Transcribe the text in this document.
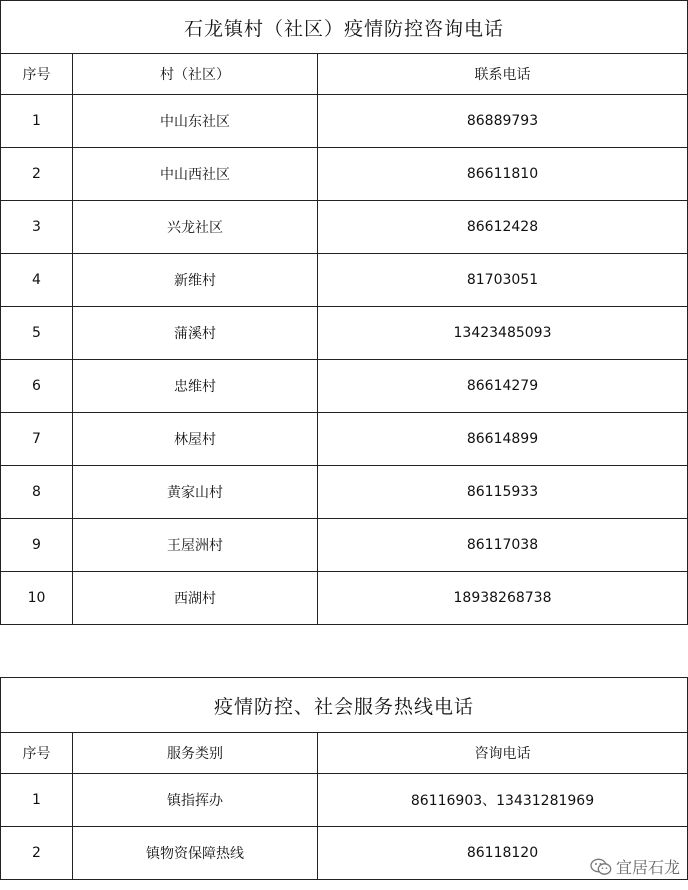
石龙镇村（社区）疫情防控咨询电话		
序号	村（社区）	联系电话
1	中山东社区	86889793
2	中山西社区	86611810
3	兴龙社区	86612428
4	新维村	81703051
5	蒲溪村	13423485093
6	忠维村	86614279
7	林屋村	86614899
8	黄家山村	86115933
9	王屋洲村	86117038
10	西湖村	18938268738
疫情防控、社会服务热线电话		
序号	服务类别	咨询电话
1	镇指挥办	86116903、13431281969
2	镇物资保障热线	86118120
宜居石龙
